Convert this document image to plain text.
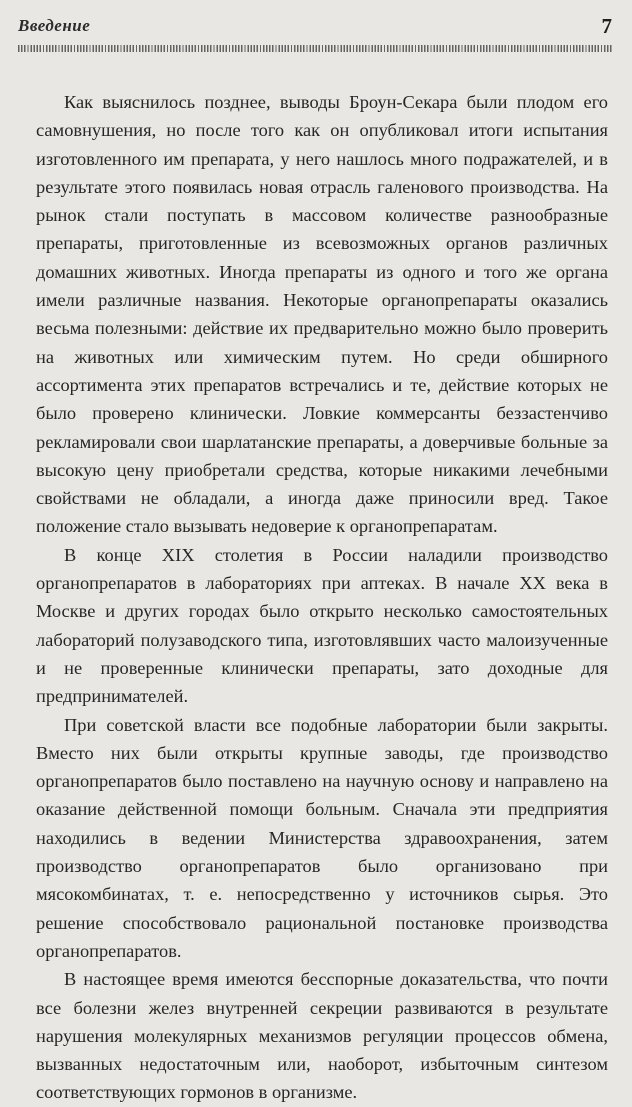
Введение	7

Как выяснилось позднее, выводы Броун-Секара были плодом его самовнушения, но после того как он опубликовал итоги испытания изготовленного им препарата, у него нашлось много подражателей, и в результате этого появилась новая отрасль галенового производства. На рынок стали поступать в массовом количестве разнообразные препараты, приготовленные из всевозможных органов различных домашних животных. Иногда препараты из одного и того же органа имели различные названия. Некоторые органопрепараты оказались весьма полезными: действие их предварительно можно было проверить на животных или химическим путем. Но среди обширного ассортимента этих препаратов встречались и те, действие которых не было проверено клинически. Ловкие коммерсанты беззастенчиво рекламировали свои шарлатанские препараты, а доверчивые больные за высокую цену приобретали средства, которые никакими лечебными свойствами не обладали, а иногда даже приносили вред. Такое положение стало вызывать недоверие к органопрепаратам.

В конце XIX столетия в России наладили производство органопрепаратов в лабораториях при аптеках. В начале XX века в Москве и других городах было открыто несколько самостоятельных лабораторий полузаводского типа, изготовлявших часто малоизученные и не проверенные клинически препараты, зато доходные для предпринимателей.

При советской власти все подобные лаборатории были закрыты. Вместо них были открыты крупные заводы, где производство органопрепаратов было поставлено на научную основу и направлено на оказание действенной помощи больным. Сначала эти предприятия находились в ведении Министерства здравоохранения, затем производство органопрепаратов было организовано при мясокомбинатах, т. е. непосредственно у источников сырья. Это решение способствовало рациональной постановке производства органопрепаратов.

В настоящее время имеются бесспорные доказательства, что почти все болезни желез внутренней секреции развиваются в результате нарушения молекулярных механизмов регуляции процессов обмена, вызванных недостаточным или, наоборот, избыточным синтезом соответствующих гормонов в организме.
